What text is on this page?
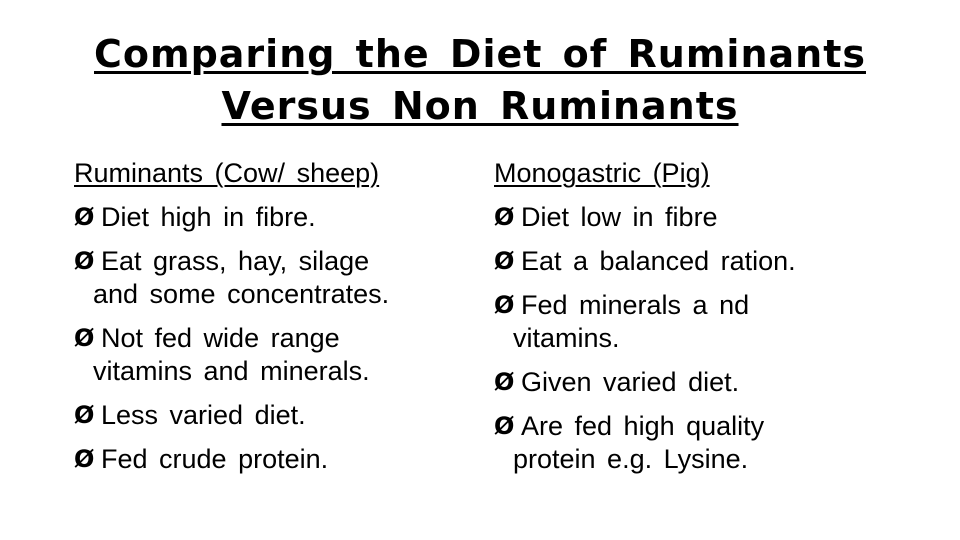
Comparing the Diet of Ruminants
Versus Non Ruminants
Ruminants (Cow/ sheep)
Ø Diet high in fibre.
Ø Eat grass, hay, silage
and some concentrates.
Ø Not fed wide range
vitamins and minerals.
Ø Less varied diet.
Ø Fed crude protein.
Monogastric (Pig)
Ø Diet low in fibre
Ø Eat a balanced ration.
Ø Fed minerals a nd
vitamins.
Ø Given varied diet.
Ø Are fed high quality
protein e.g. Lysine.
